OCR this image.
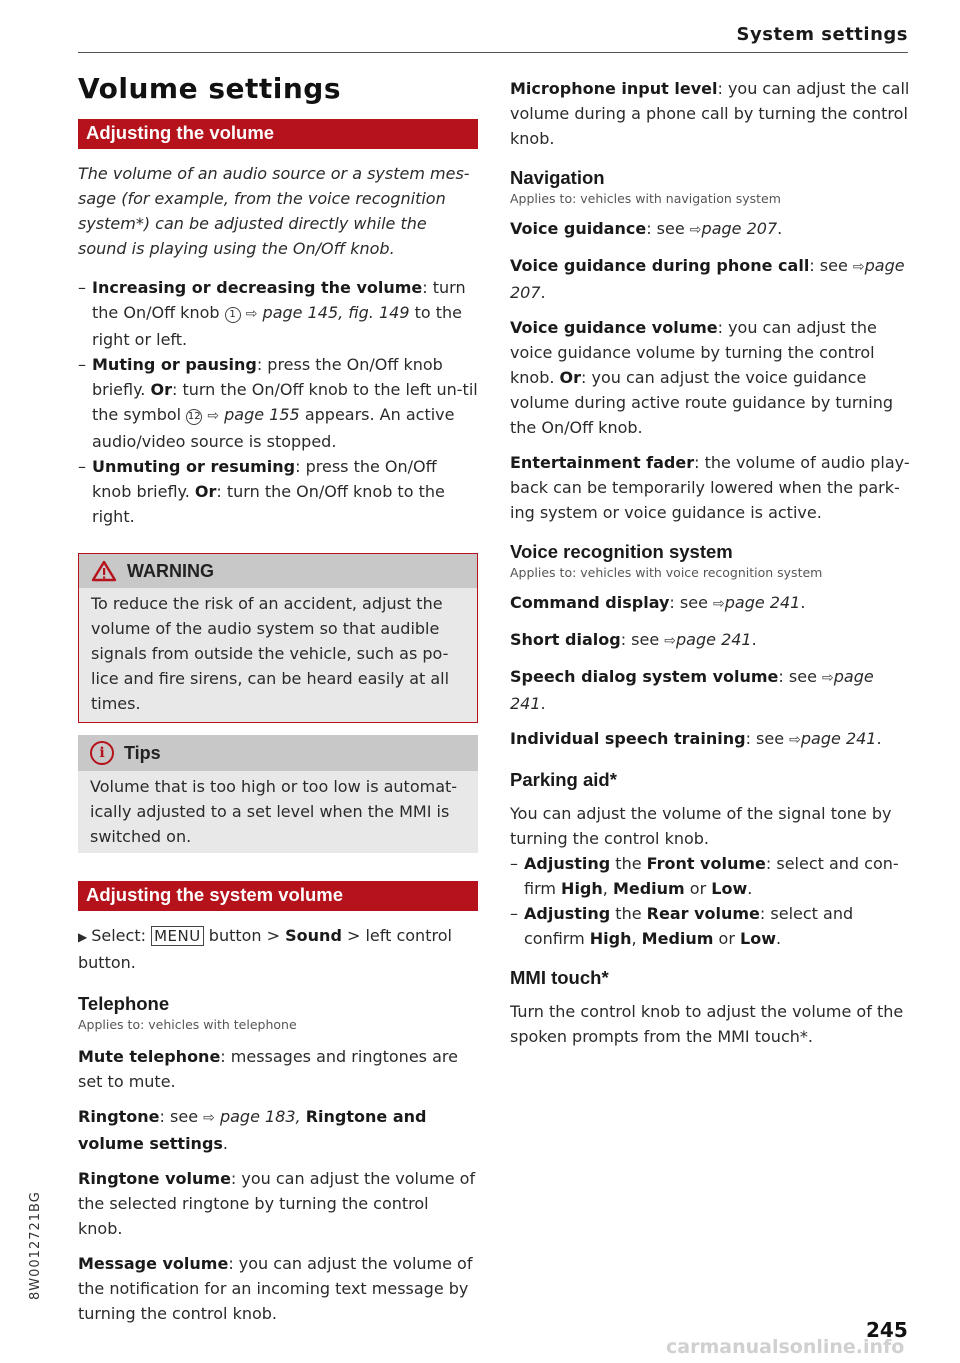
System settings
8W0012721BG
Volume settings
Adjusting the volume

The volume of an audio source or a system mes-sage (for example, from the voice recognition system*) can be adjusted directly while the sound is playing using the On/Off knob.

– Increasing or decreasing the volume: turn the On/Off knob 1 ⇨ page 145, fig. 149 to the right or left.
– Muting or pausing: press the On/Off knob briefly. Or: turn the On/Off knob to the left un-til the symbol 12 ⇨ page 155 appears. An active audio/video source is stopped.
– Unmuting or resuming: press the On/Off knob briefly. Or: turn the On/Off knob to the right.
WARNING
To reduce the risk of an accident, adjust the volume of the audio system so that audible signals from outside the vehicle, such as po-lice and fire sirens, can be heard easily at all times.
i	Tips
Volume that is too high or too low is automat-ically adjusted to a set level when the MMI is switched on.
Adjusting the system volume

▶ Select: MENU button > Sound > left control button.

Telephone

Applies to: vehicles with telephone

Mute telephone: messages and ringtones are set to mute.

Ringtone: see ⇨ page 183, Ringtone and volume settings.

Ringtone volume: you can adjust the volume of the selected ringtone by turning the control knob.

Message volume: you can adjust the volume of the notification for an incoming text message by turning the control knob.

Microphone input level: you can adjust the call volume during a phone call by turning the control knob.

Navigation

Applies to: vehicles with navigation system

Voice guidance: see ⇨page 207.

Voice guidance during phone call: see ⇨page 207.

Voice guidance volume: you can adjust the voice guidance volume by turning the control knob. Or: you can adjust the voice guidance volume during active route guidance by turning the On/Off knob.

Entertainment fader: the volume of audio play-back can be temporarily lowered when the park-ing system or voice guidance is active.

Voice recognition system

Applies to: vehicles with voice recognition system

Command display: see ⇨page 241.

Short dialog: see ⇨page 241.

Speech dialog system volume: see ⇨page 241.

Individual speech training: see ⇨page 241.

Parking aid*

You can adjust the volume of the signal tone by turning the control knob.

– Adjusting the Front volume: select and con-firm High, Medium or Low.
– Adjusting the Rear volume: select and confirm High, Medium or Low.
MMI touch*

Turn the control knob to adjust the volume of the spoken prompts from the MMI touch*.

245
carmanualsonline.info
